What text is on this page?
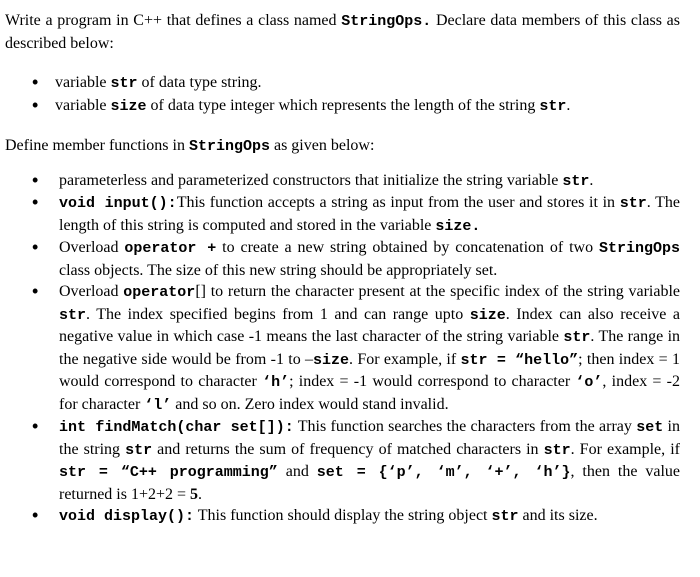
Write a program in C++ that defines a class named StringOps. Declare data members of this class as described below:

• variable str of data type string.
• variable size of data type integer which represents the length of the string str.

Define member functions in StringOps as given below:

• parameterless and parameterized constructors that initialize the string variable str.
• void input():This function accepts a string as input from the user and stores it in str. The length of this string is computed and stored in the variable size.
• Overload operator + to create a new string obtained by concatenation of two StringOps class objects. The size of this new string should be appropriately set.
• Overload operator[] to return the character present at the specific index of the string variable str. The index specified begins from 1 and can range upto size. Index can also receive a negative value in which case -1 means the last character of the string variable str. The range in the negative side would be from -1 to –size. For example, if str = “hello”; then index = 1 would correspond to character ‘h’; index = -1 would correspond to character ‘o’, index = -2 for character ‘l’ and so on. Zero index would stand invalid.
• int findMatch(char set[]): This function searches the characters from the array set in the string str and returns the sum of frequency of matched characters in str. For example, if str = “C++ programming” and set = {‘p’, ‘m’, ‘+’, ‘h’}, then the value returned is 1+2+2 = 5.
• void display(): This function should display the string object str and its size.
